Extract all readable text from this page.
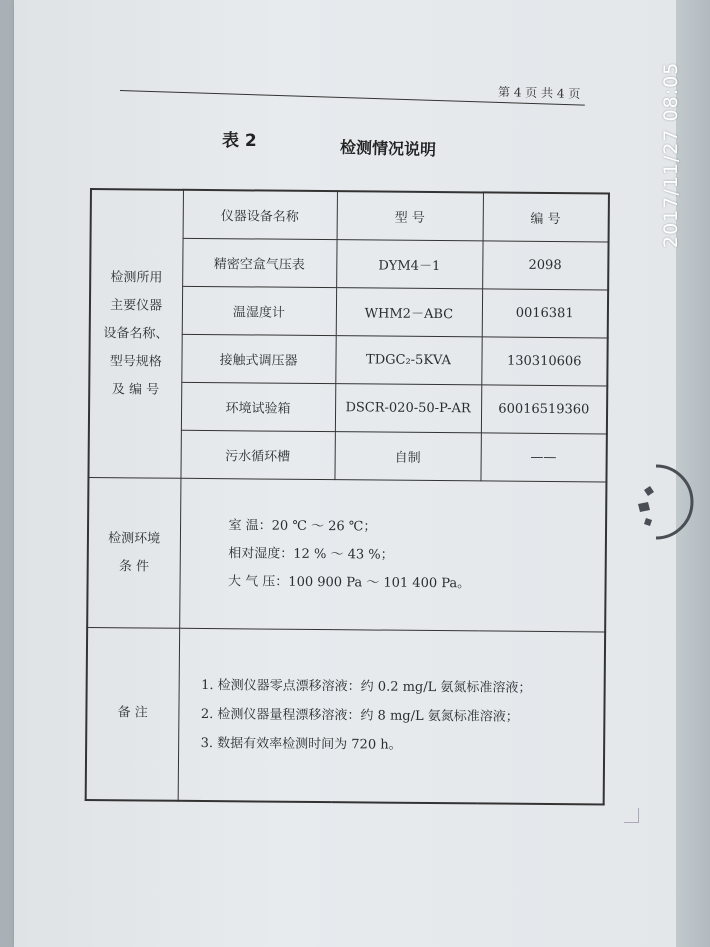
第 4 页 共 4 页
表 2	检测情况说明
检测所用
主要仪器
设备名称、
型号规格
及 编 号	仪器设备名称	型 号	编 号
	精密空盒气压表	DYM4－1	2098
	温湿度计	WHM2－ABC	0016381
	接触式调压器	TDGC₂-5KVA	130310606
	环境试验箱	DSCR-020-50-P-AR	60016519360
	污水循环槽	自制	——

检测环境
条 件	室 温：20 ℃ ～ 26 ℃；
相对湿度：12 % ～ 43 %；
大 气 压：100 900 Pa ～ 101 400 Pa。		

备 注	1. 检测仪器零点漂移溶液：约 0.2 mg/L 氨氮标准溶液；
2. 检测仪器量程漂移溶液：约 8 mg/L 氨氮标准溶液；
3. 数据有效率检测时间为 720 h。		
2017/11/27 08:05
